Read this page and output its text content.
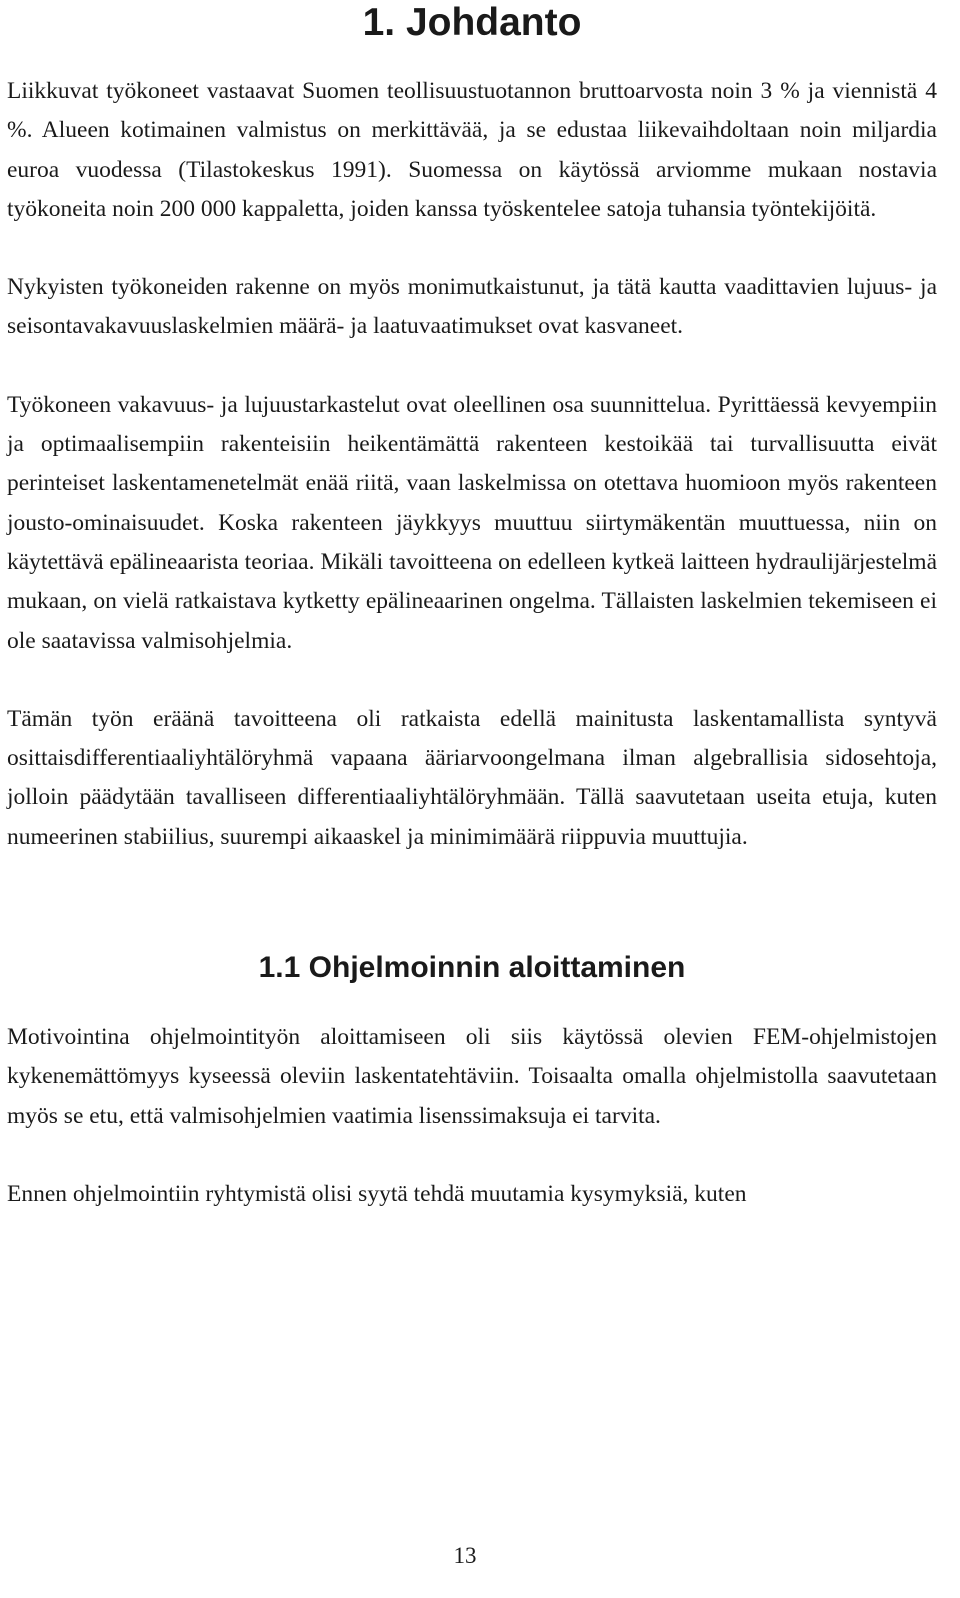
1. Johdanto

Liikkuvat työkoneet vastaavat Suomen teollisuustuotannon bruttoarvosta noin 3 % ja viennistä 4 %. Alueen kotimainen valmistus on merkittävää, ja se edustaa liikevaihdoltaan noin miljardia euroa vuodessa (Tilastokeskus 1991). Suomessa on käytössä arviomme mukaan nostavia työkoneita noin 200 000 kappaletta, joiden kanssa työskentelee satoja tuhansia työntekijöitä.

Nykyisten työkoneiden rakenne on myös monimutkaistunut, ja tätä kautta vaadittavien lujuus- ja seisontavakavuuslaskelmien määrä- ja laatuvaatimukset ovat kasvaneet.

Työkoneen vakavuus- ja lujuustarkastelut ovat oleellinen osa suunnittelua. Pyrittäessä kevyempiin ja optimaalisempiin rakenteisiin heikentämättä rakenteen kestoikää tai turvallisuutta eivät perinteiset laskentamenetelmät enää riitä, vaan laskelmissa on otettava huomioon myös rakenteen jousto-ominaisuudet. Koska rakenteen jäykkyys muuttuu siirtymäkentän muuttuessa, niin on käytettävä epälineaarista teoriaa. Mikäli tavoitteena on edelleen kytkeä laitteen hydraulijärjestelmä mukaan, on vielä ratkaistava kytketty epälineaarinen ongelma. Tällaisten laskelmien tekemiseen ei ole saatavissa valmisohjelmia.

Tämän työn eräänä tavoitteena oli ratkaista edellä mainitusta laskentamallista syntyvä osittaisdifferentiaaliyhtälöryhmä vapaana ääriarvoongelmana ilman algebrallisia sidosehtoja, jolloin päädytään tavalliseen differentiaaliyhtälöryhmään. Tällä saavutetaan useita etuja, kuten numeerinen stabiilius, suurempi aikaaskel ja minimimäärä riippuvia muuttujia.

1.1 Ohjelmoinnin aloittaminen

Motivointina ohjelmointityön aloittamiseen oli siis käytössä olevien FEM-ohjelmistojen kykenemättömyys kyseessä oleviin laskentatehtäviin. Toisaalta omalla ohjelmistolla saavutetaan myös se etu, että valmisohjelmien vaatimia lisenssimaksuja ei tarvita.

Ennen ohjelmointiin ryhtymistä olisi syytä tehdä muutamia kysymyksiä, kuten

13
